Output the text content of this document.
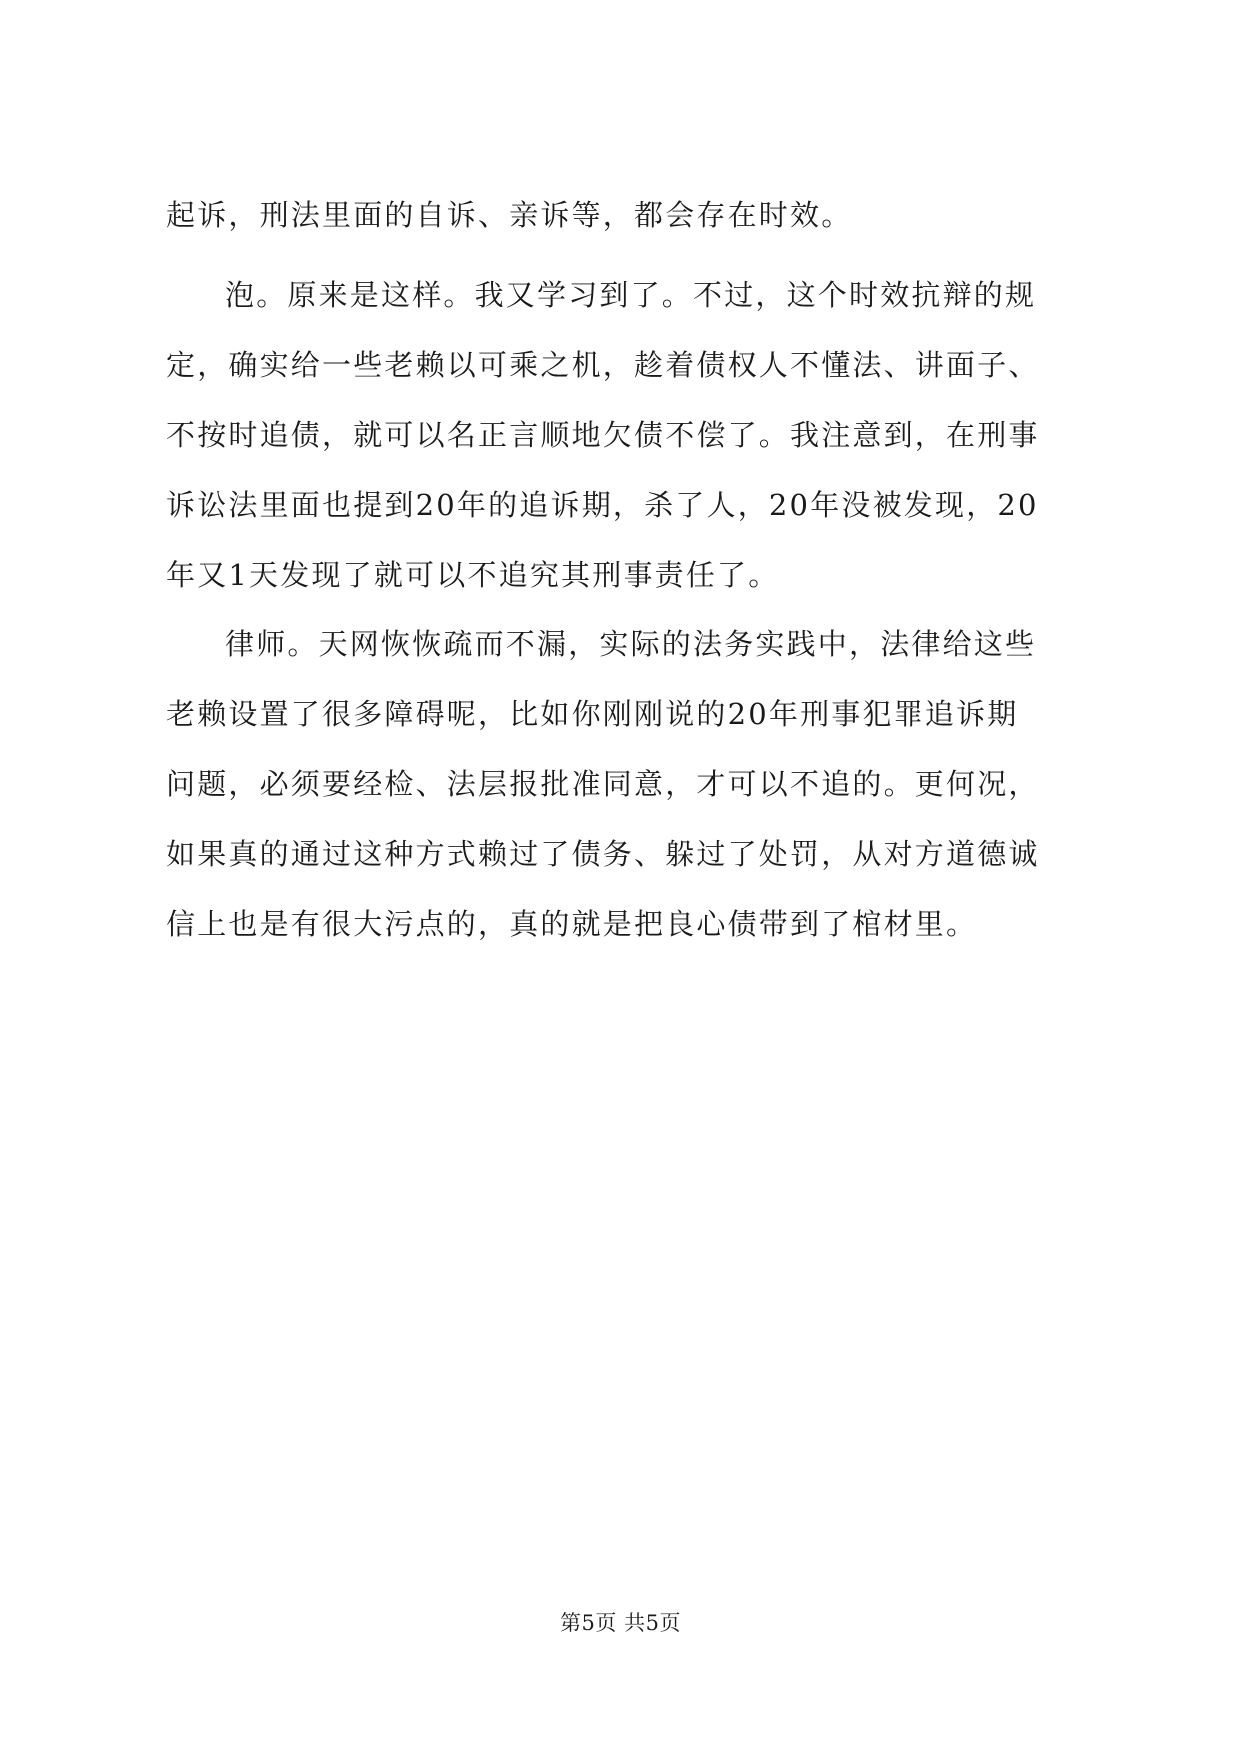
起诉，刑法里面的自诉、亲诉等，都会存在时效。
泡。原来是这样。我又学习到了。不过，这个时效抗辩的规
定，确实给一些老赖以可乘之机，趁着债权人不懂法、讲面子、
不按时追债，就可以名正言顺地欠债不偿了。我注意到，在刑事
诉讼法里面也提到20年的追诉期，杀了人，20年没被发现，20
年又1天发现了就可以不追究其刑事责任了。
律师。天网恢恢疏而不漏，实际的法务实践中，法律给这些
老赖设置了很多障碍呢，比如你刚刚说的20年刑事犯罪追诉期
问题，必须要经检、法层报批准同意，才可以不追的。更何况，
如果真的通过这种方式赖过了债务、躲过了处罚，从对方道德诚
信上也是有很大污点的，真的就是把良心债带到了棺材里。
第5页 共5页
